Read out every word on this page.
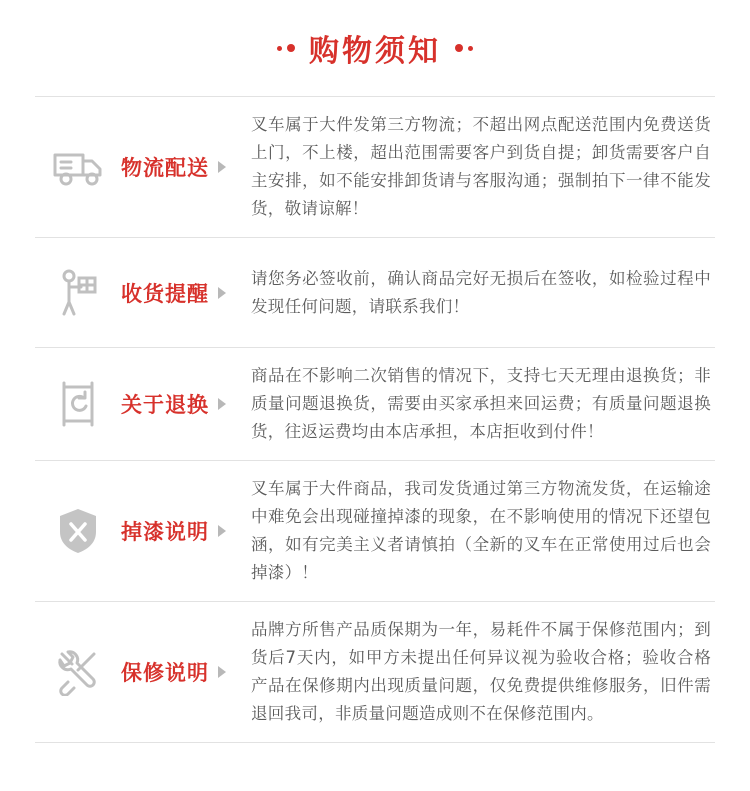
购物须知
物流配送
叉车属于大件发第三方物流；不超出网点配送范围内免费送货上门，不上楼，超出范围需要客户到货自提；卸货需要客户自主安排，如不能安排卸货请与客服沟通；强制拍下一律不能发货，敬请谅解！
收货提醒
请您务必签收前，确认商品完好无损后在签收，如检验过程中发现任何问题，请联系我们！
关于退换
商品在不影响二次销售的情况下，支持七天无理由退换货；非质量问题退换货，需要由买家承担来回运费；有质量问题退换货，往返运费均由本店承担，本店拒收到付件！
掉漆说明
叉车属于大件商品，我司发货通过第三方物流发货，在运输途中难免会出现碰撞掉漆的现象，在不影响使用的情况下还望包涵，如有完美主义者请慎拍（全新的叉车在正常使用过后也会掉漆）！
保修说明
品牌方所售产品质保期为一年，易耗件不属于保修范围内；到货后7天内，如甲方未提出任何异议视为验收合格；验收合格产品在保修期内出现质量问题，仅免费提供维修服务，旧件需退回我司，非质量问题造成则不在保修范围内。
